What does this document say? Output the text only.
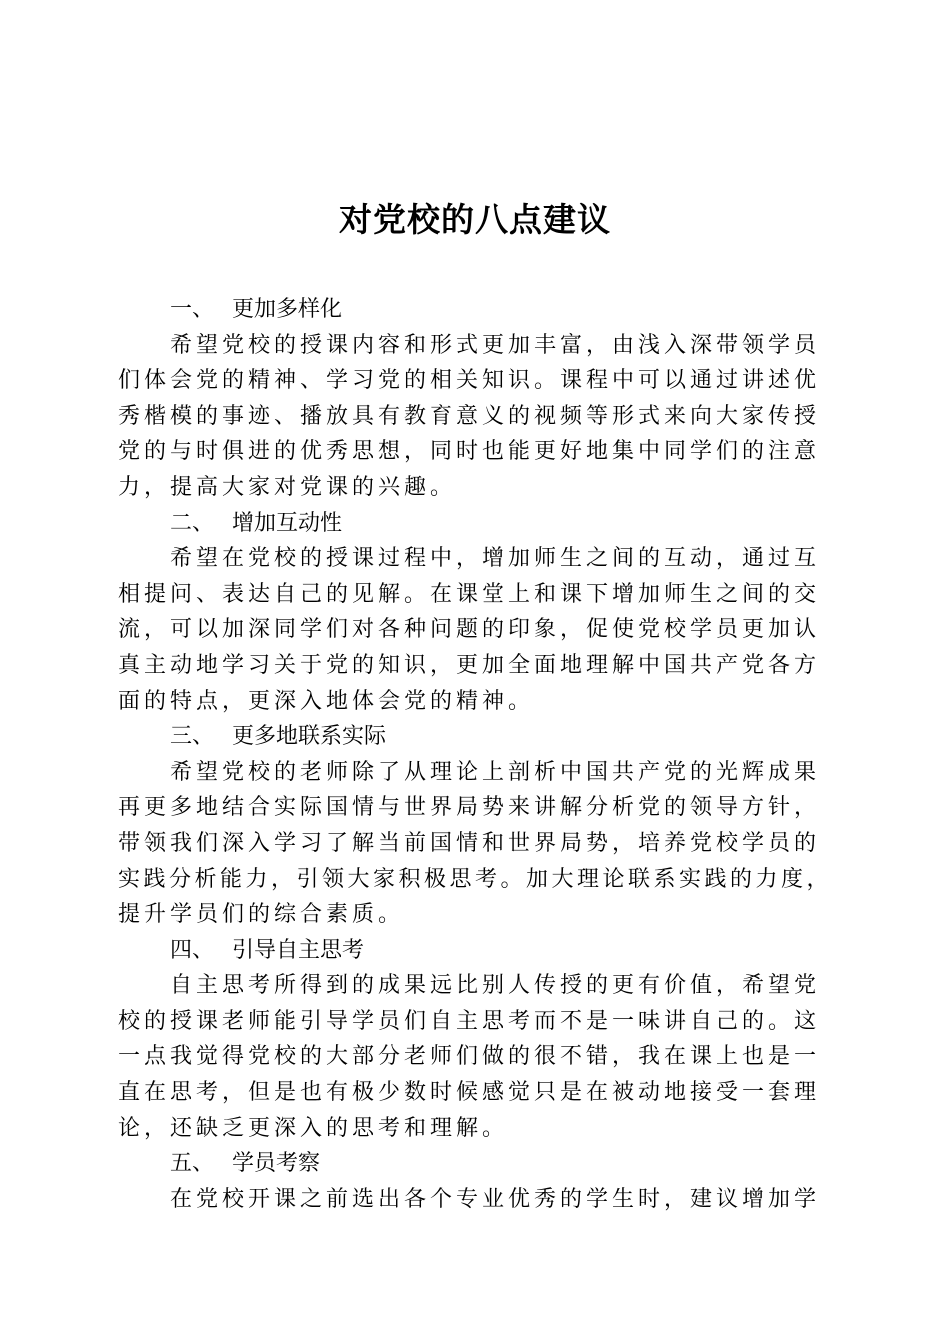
对党校的八点建议
一、 更加多样化

希望党校的授课内容和形式更加丰富，由浅入深带领学员
们体会党的精神、学习党的相关知识。课程中可以通过讲述优
秀楷模的事迹、播放具有教育意义的视频等形式来向大家传授
党的与时俱进的优秀思想，同时也能更好地集中同学们的注意
力，提高大家对党课的兴趣。

二、 增加互动性

希望在党校的授课过程中，增加师生之间的互动，通过互
相提问、表达自己的见解。在课堂上和课下增加师生之间的交
流，可以加深同学们对各种问题的印象，促使党校学员更加认
真主动地学习关于党的知识，更加全面地理解中国共产党各方
面的特点，更深入地体会党的精神。

三、 更多地联系实际

希望党校的老师除了从理论上剖析中国共产党的光辉成果
再更多地结合实际国情与世界局势来讲解分析党的领导方针，
带领我们深入学习了解当前国情和世界局势，培养党校学员的
实践分析能力，引领大家积极思考。加大理论联系实践的力度，
提升学员们的综合素质。

四、 引导自主思考

自主思考所得到的成果远比别人传授的更有价值，希望党
校的授课老师能引导学员们自主思考而不是一味讲自己的。这
一点我觉得党校的大部分老师们做的很不错，我在课上也是一
直在思考，但是也有极少数时候感觉只是在被动地接受一套理
论，还缺乏更深入的思考和理解。

五、 学员考察

在党校开课之前选出各个专业优秀的学生时，建议增加学
